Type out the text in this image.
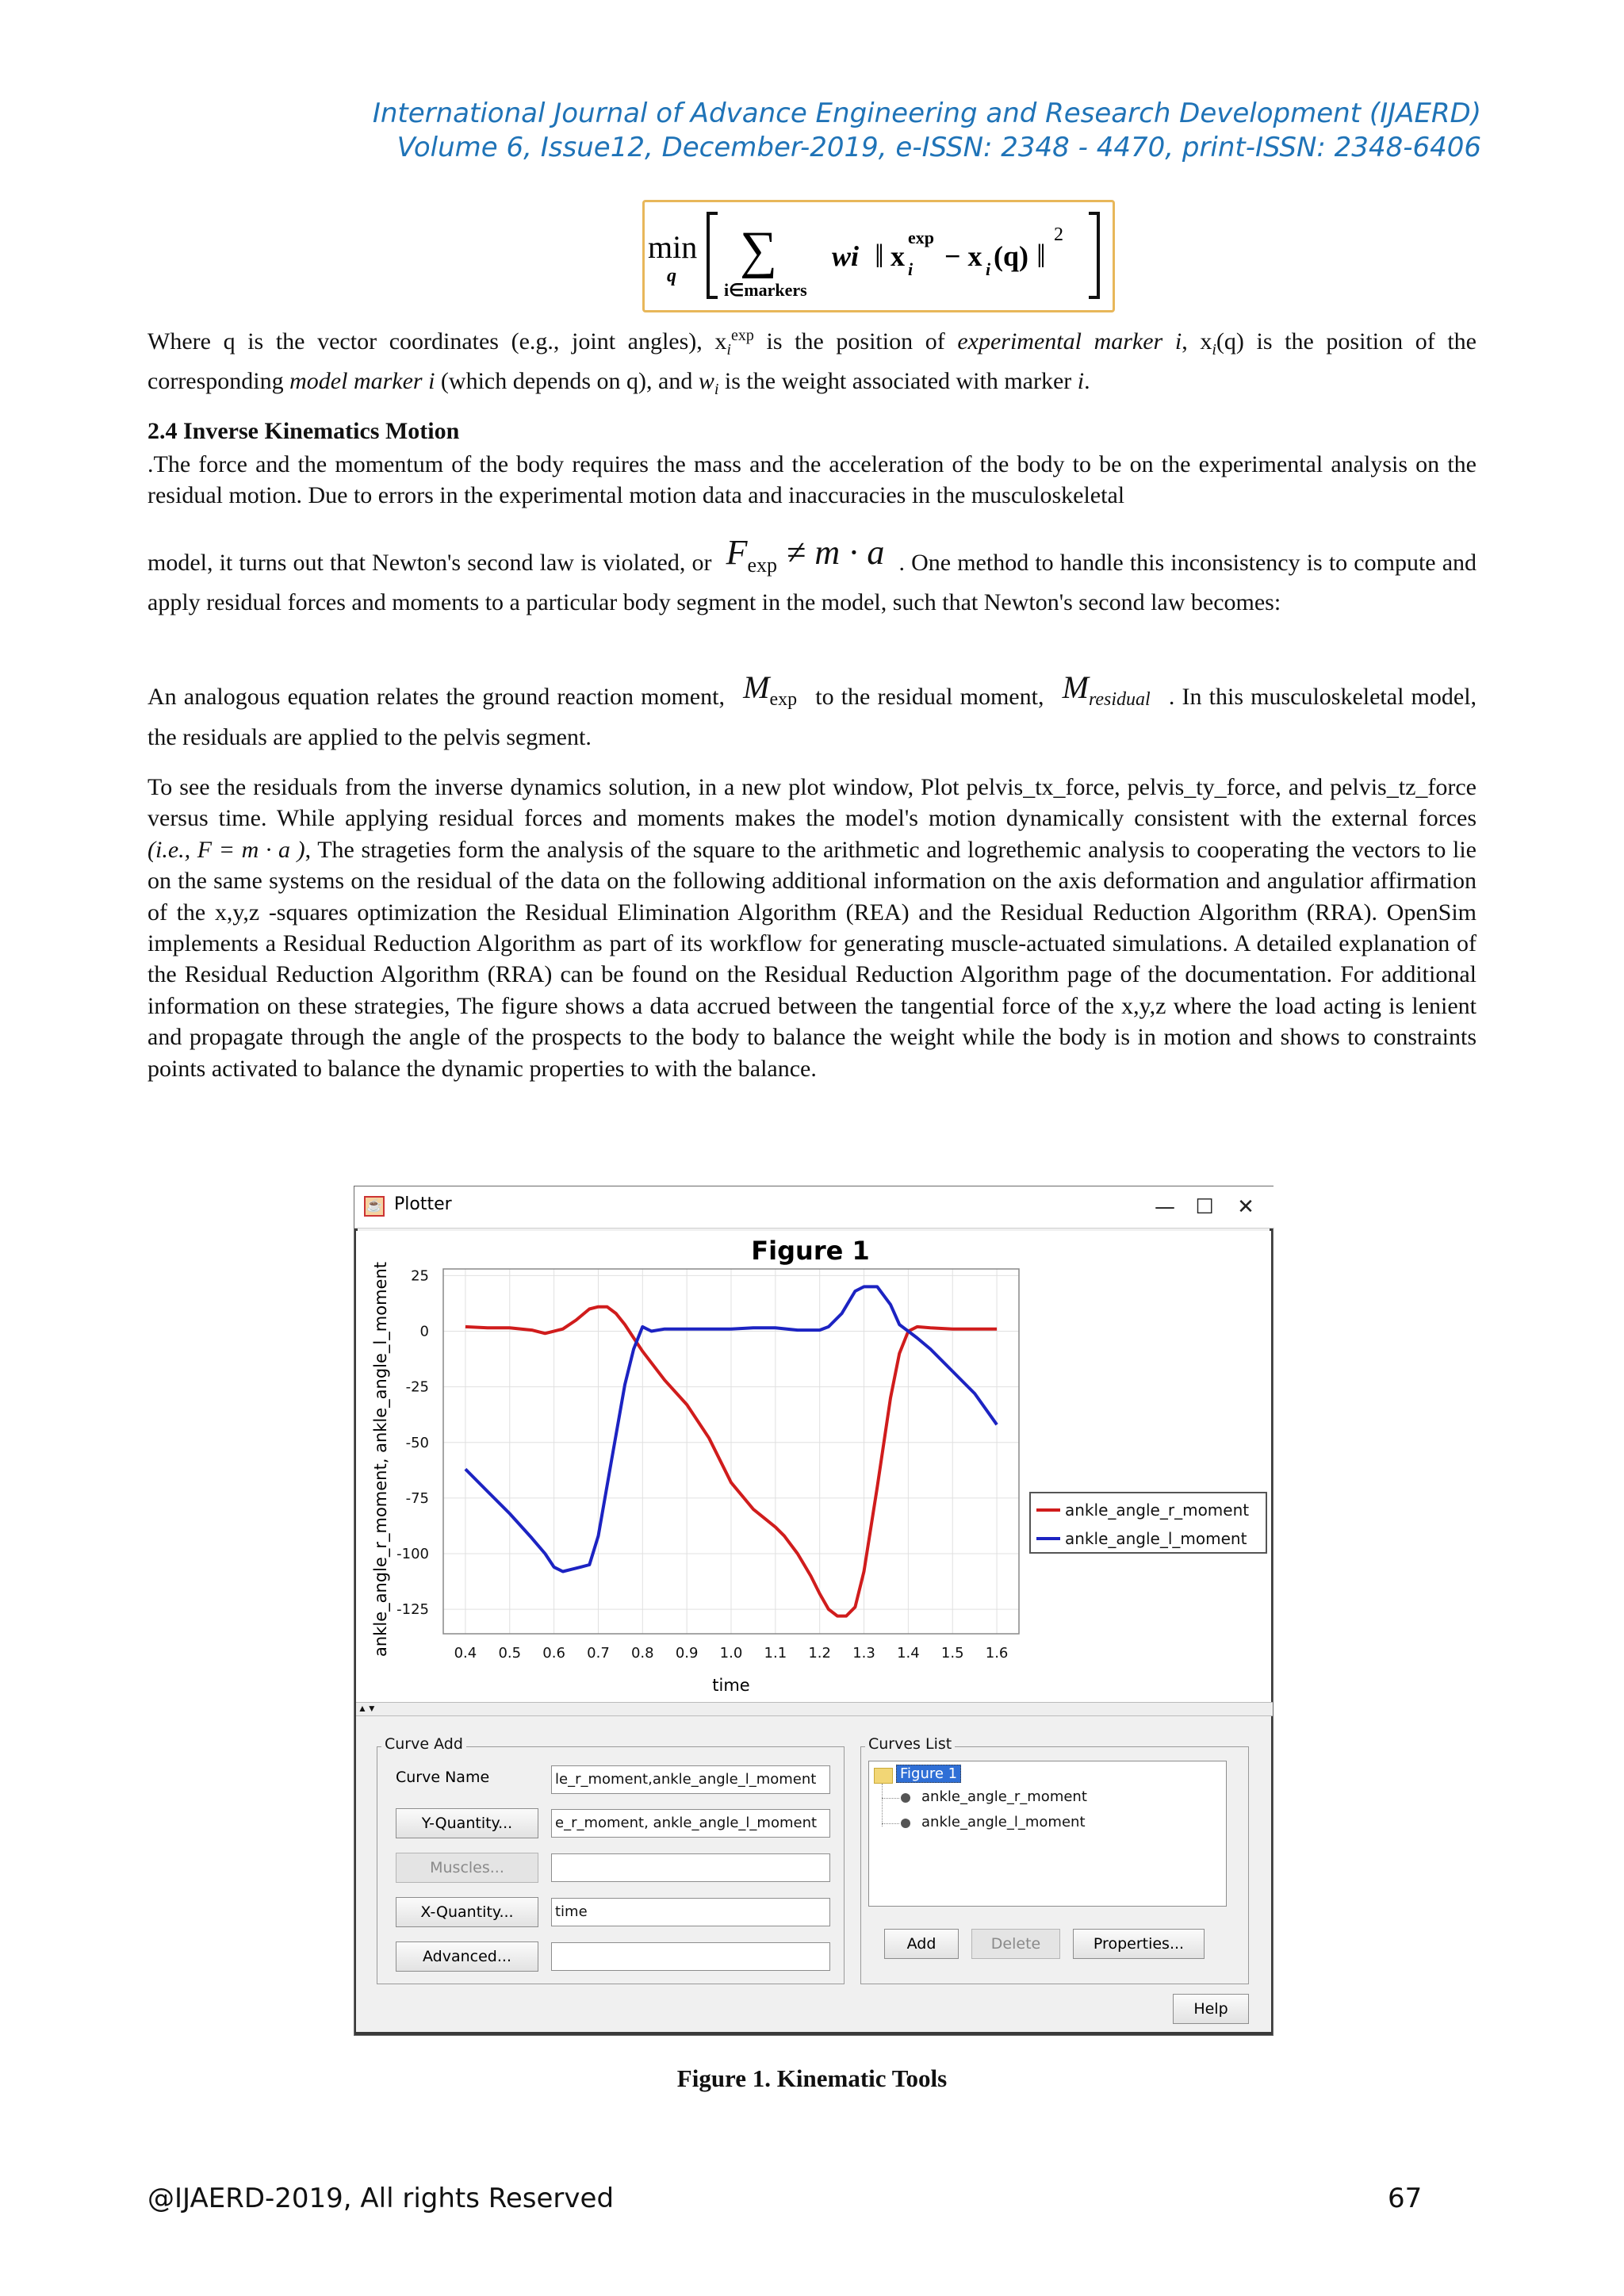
International Journal of Advance Engineering and Research Development (IJAERD)
Volume 6, Issue12, December-2019, e-ISSN: 2348 - 4470, print-ISSN: 2348-6406
min
q ∑
i∈markers
wi ‖ x
exp
i − x i (q) ‖
2

Where q is the vector coordinates (e.g., joint angles), $x_i^{exp}$ is the position of experimental marker i, $x_i(q)$ is the position of the corresponding model marker i (which depends on q), and $w_i$ is the weight associated with marker i.

2.4 Inverse Kinematics Motion

.The force and the momentum of the body requires the mass and the acceleration of the body to be on the experimental analysis on the residual motion. Due to errors in the experimental motion data and inaccuracies in the musculoskeletal

model, it turns out that Newton's second law is violated, or $F_{exp} \ne m \cdot a$ . One method to handle this inconsistency is to compute and apply residual forces and moments to a particular body segment in the model, such that Newton's second law becomes:

An analogous equation relates the ground reaction moment, $M_{exp}$ to the residual moment, $M_{residual}$ . In this musculoskeletal model, the residuals are applied to the pelvis segment.

To see the residuals from the inverse dynamics solution, in a new plot window, Plot pelvis_tx_force, pelvis_ty_force, and pelvis_tz_force versus time. While applying residual forces and moments makes the model's motion dynamically consistent with the external forces (i.e., F = m · a ), The strageties form the analysis of the square to the arithmetic and logrethemic analysis to cooperating the vectors to lie on the same systems on the residual of the data on the following additional information on the axis deformation and angulatior affirmation of the x,y,z -squares optimization the Residual Elimination Algorithm (REA) and the Residual Reduction Algorithm (RRA). OpenSim implements a Residual Reduction Algorithm as part of its workflow for generating muscle-actuated simulations. A detailed explanation of the Residual Reduction Algorithm (RRA) can be found on the Residual Reduction Algorithm page of the documentation. For additional information on these strategies, The figure shows a data accrued between the tangential force of the x,y,z where the load acting is lenient and propagate through the angle of the prospects to the body to balance the weight while the body is in motion and shows to constraints points activated to balance the dynamic properties to with the balance.

☕ Plotter	— ☐	✕
Figure 1
time
ankle_angle_r_moment, ankle_angle_l_moment	0.4 0.5 0.6 0.7 0.8 0.9 1.0 1.1 1.2 1.3 1.4 1.5 1.6
25
0
-25
-50
-75
-100
-125
ankle_angle_r_moment
ankle_angle_l_moment
▲▼
Curve Add
Curve Name	le_r_moment,ankle_angle_l_moment
Y-Quantity...	e_r_moment, ankle_angle_l_moment
Muscles...
X-Quantity...	time
Advanced...
Curves List
Figure 1
ankle_angle_r_moment
ankle_angle_l_moment
Add	Delete	Properties...
Help
Figure 1. Kinematic Tools
@IJAERD-2019, All rights Reserved	67
